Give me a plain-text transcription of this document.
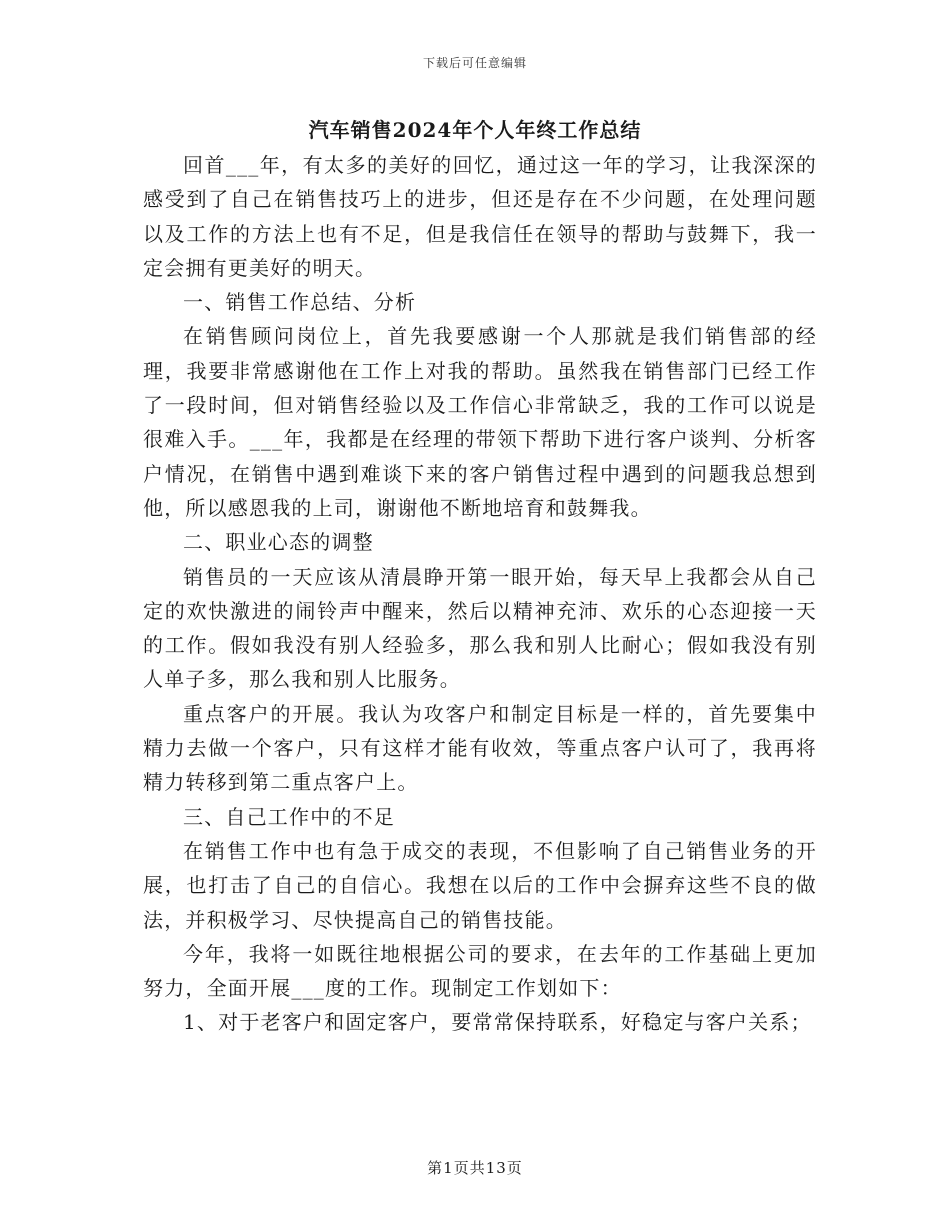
下载后可任意编辑
汽车销售2024年个人年终工作总结

回首___年，有太多的美好的回忆，通过这一年的学习，让我深深的感受到了自己在销售技巧上的进步，但还是存在不少问题，在处理问题以及工作的方法上也有不足，但是我信任在领导的帮助与鼓舞下，我一定会拥有更美好的明天。

一、销售工作总结、分析

在销售顾问岗位上，首先我要感谢一个人那就是我们销售部的经理，我要非常感谢他在工作上对我的帮助。虽然我在销售部门已经工作了一段时间，但对销售经验以及工作信心非常缺乏，我的工作可以说是很难入手。___年，我都是在经理的带领下帮助下进行客户谈判、分析客户情况，在销售中遇到难谈下来的客户销售过程中遇到的问题我总想到他，所以感恩我的上司，谢谢他不断地培育和鼓舞我。

二、职业心态的调整

销售员的一天应该从清晨睁开第一眼开始，每天早上我都会从自己定的欢快激进的闹铃声中醒来，然后以精神充沛、欢乐的心态迎接一天的工作。假如我没有别人经验多，那么我和别人比耐心；假如我没有别人单子多，那么我和别人比服务。

重点客户的开展。我认为攻客户和制定目标是一样的，首先要集中精力去做一个客户，只有这样才能有收效，等重点客户认可了，我再将精力转移到第二重点客户上。

三、自己工作中的不足

在销售工作中也有急于成交的表现，不但影响了自己销售业务的开展，也打击了自己的自信心。我想在以后的工作中会摒弃这些不良的做法，并积极学习、尽快提高自己的销售技能。

今年，我将一如既往地根据公司的要求，在去年的工作基础上更加努力，全面开展___度的工作。现制定工作划如下：

1、对于老客户和固定客户，要常常保持联系，好稳定与客户关系；

第1页共13页
